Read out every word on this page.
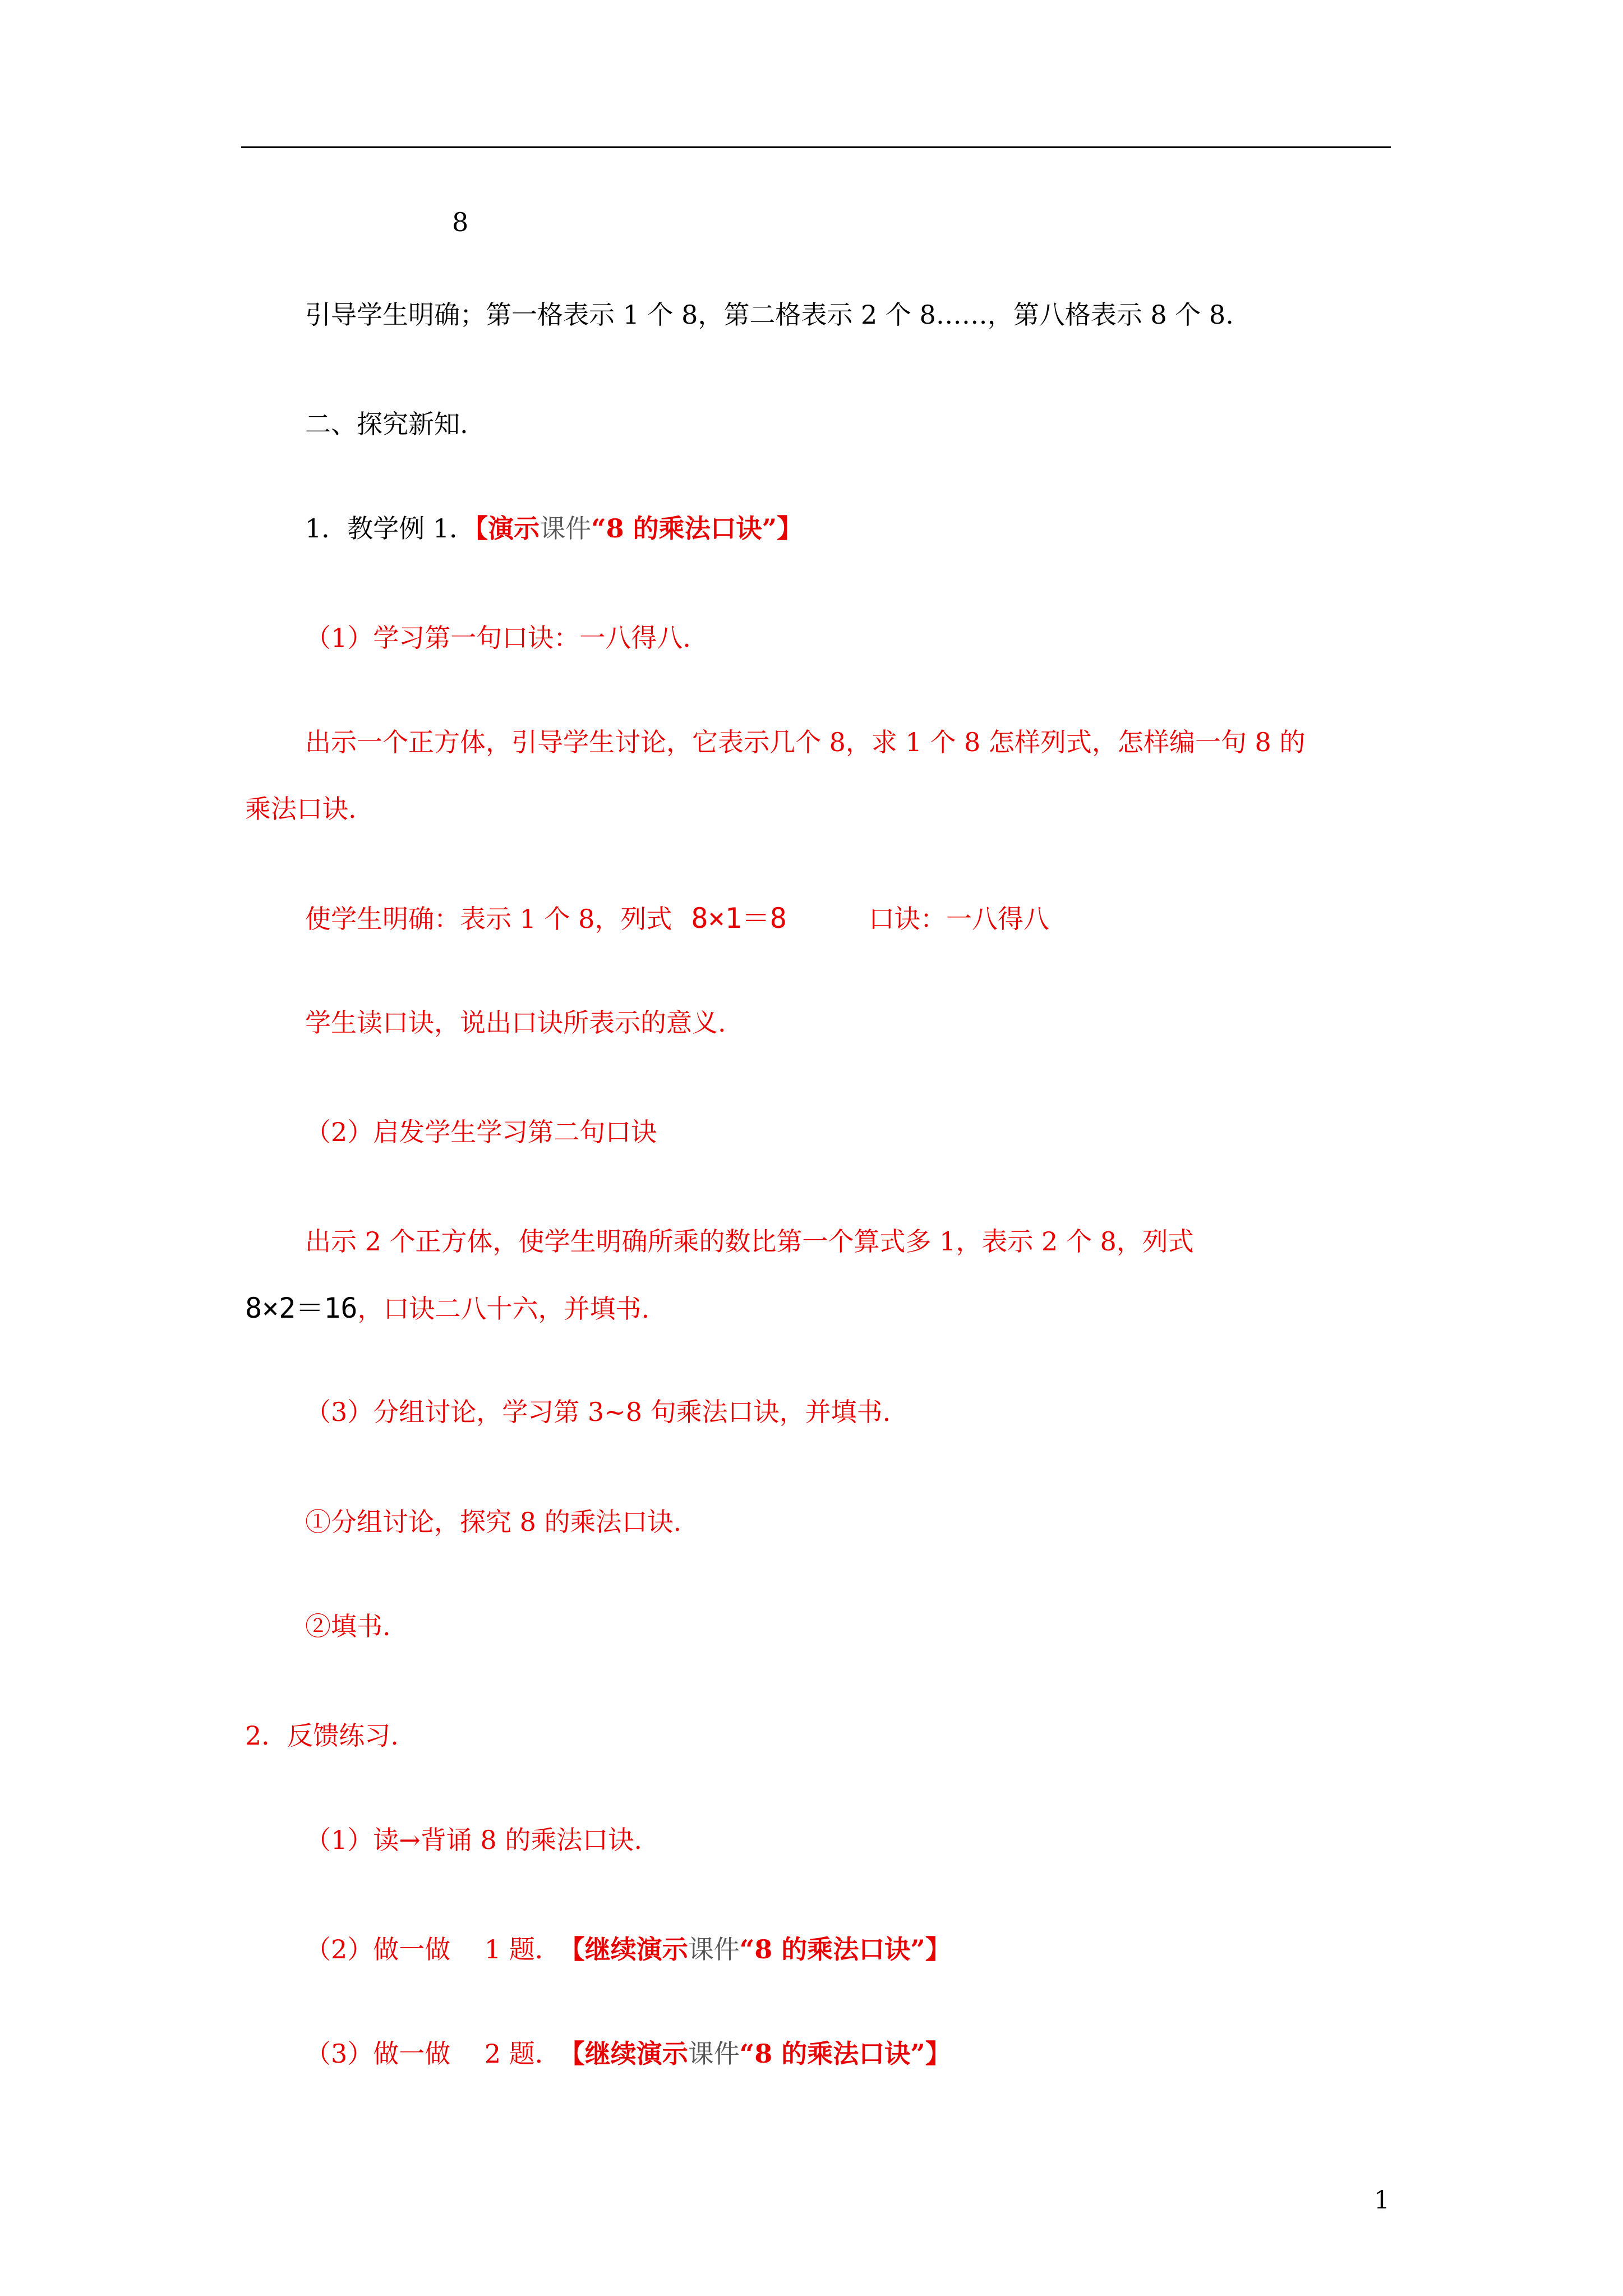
8
引导学生明确；第一格表示 1 个 8，第二格表示 2 个 8……，第八格表示 8 个 8.
二、探究新知.
1．教学例 1．【演示课件“8 的乘法口诀”】
（1）学习第一句口诀：一八得八.
出示一个正方体，引导学生讨论，它表示几个 8，求 1 个 8 怎样列式，怎样编一句 8 的
乘法口诀.
使学生明确：表示 1 个 8，列式 8×1＝8	口诀：一八得八
学生读口诀，说出口诀所表示的意义.
（2）启发学生学习第二句口诀
出示 2 个正方体，使学生明确所乘的数比第一个算式多 1，表示 2 个 8，列式
8×2＝16，口诀二八十六，并填书.
（3）分组讨论，学习第 3~8 句乘法口诀，并填书.
①分组讨论，探究 8 的乘法口诀.
②填书.
2．反馈练习.
（1）读→背诵 8 的乘法口诀.
（2）做一做　 1 题． 【继续演示课件“8 的乘法口诀”】
（3）做一做　 2 题． 【继续演示课件“8 的乘法口诀”】
1
